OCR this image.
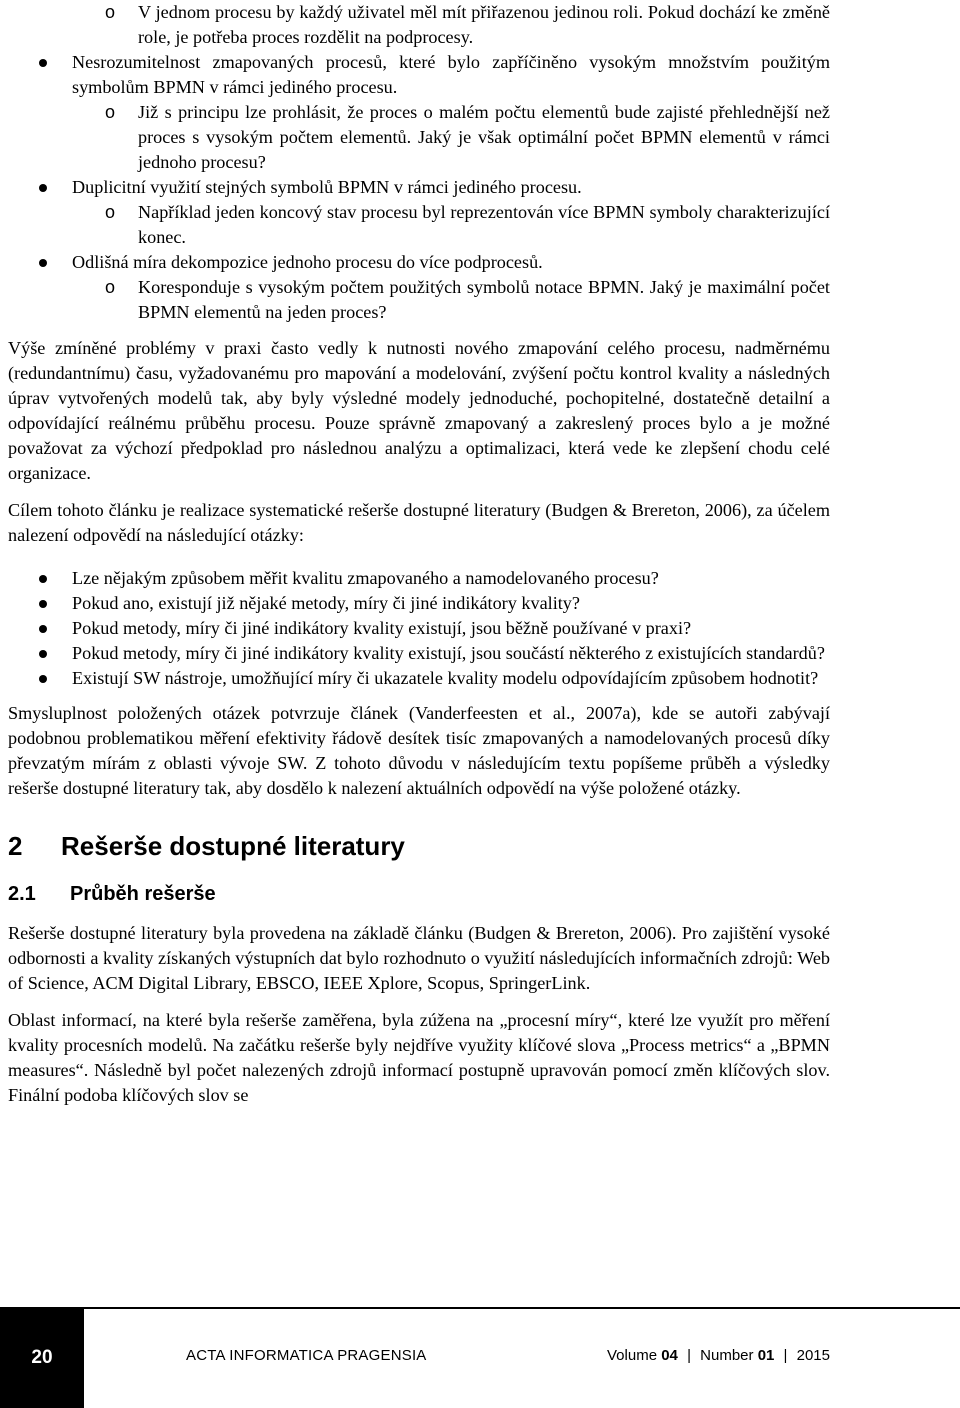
o V jednom procesu by každý uživatel měl mít přiřazenou jedinou roli. Pokud dochází ke změně role, je potřeba proces rozdělit na podprocesy.
Nesrozumitelnost zmapovaných procesů, které bylo zapříčiněno vysokým množstvím použitým symbolům BPMN v rámci jediného procesu.
o Již s principu lze prohlásit, že proces o malém počtu elementů bude zajisté přehlednější než proces s vysokým počtem elementů. Jaký je však optimální počet BPMN elementů v rámci jednoho procesu?
Duplicitní využití stejných symbolů BPMN v rámci jediného procesu.
o Například jeden koncový stav procesu byl reprezentován více BPMN symboly charakterizující konec.
Odlišná míra dekompozice jednoho procesu do více podprocesů.
o Koresponduje s vysokým počtem použitých symbolů notace BPMN. Jaký je maximální počet BPMN elementů na jeden proces?

Výše zmíněné problémy v praxi často vedly k nutnosti nového zmapování celého procesu, nadměrnému (redundantnímu) času, vyžadovanému pro mapování a modelování, zvýšení počtu kontrol kvality a následných úprav vytvořených modelů tak, aby byly výsledné modely jednoduché, pochopitelné, dostatečně detailní a odpovídající reálnému průběhu procesu. Pouze správně zmapovaný a zakreslený proces bylo a je možné považovat za výchozí předpoklad pro následnou analýzu a optimalizaci, která vede ke zlepšení chodu celé organizace.

Cílem tohoto článku je realizace systematické rešerše dostupné literatury (Budgen & Brereton, 2006), za účelem nalezení odpovědí na následující otázky:

Lze nějakým způsobem měřit kvalitu zmapovaného a namodelovaného procesu?
Pokud ano, existují již nějaké metody, míry či jiné indikátory kvality?
Pokud metody, míry či jiné indikátory kvality existují, jsou běžně používané v praxi?
Pokud metody, míry či jiné indikátory kvality existují, jsou součástí některého z existujících standardů?
Existují SW nástroje, umožňující míry či ukazatele kvality modelu odpovídajícím způsobem hodnotit?

Smysluplnost položených otázek potvrzuje článek (Vanderfeesten et al., 2007a), kde se autoři zabývají podobnou problematikou měření efektivity řádově desítek tisíc zmapovaných a namodelovaných procesů díky převzatým mírám z oblasti vývoje SW. Z tohoto důvodu v následujícím textu popíšeme průběh a výsledky rešerše dostupné literatury tak, aby dosdělo k nalezení aktuálních odpovědí na výše položené otázky.

2 Rešerše dostupné literatury
2.1 Průběh rešerše

Rešerše dostupné literatury byla provedena na základě článku (Budgen & Brereton, 2006). Pro zajištění vysoké odbornosti a kvality získaných výstupních dat bylo rozhodnuto o využití následujících informačních zdrojů: Web of Science, ACM Digital Library, EBSCO, IEEE Xplore, Scopus, SpringerLink.

Oblast informací, na které byla rešerše zaměřena, byla zúžena na „procesní míry“, které lze využít pro měření kvality procesních modelů. Na začátku rešerše byly nejdříve využity klíčové slova „Process metrics“ a „BPMN measures“. Následně byl počet nalezených zdrojů informací postupně upravován pomocí změn klíčových slov. Finální podoba klíčových slov se

20	ACTA INFORMATICA PRAGENSIA	Volume 04 | Number 01 | 2015
